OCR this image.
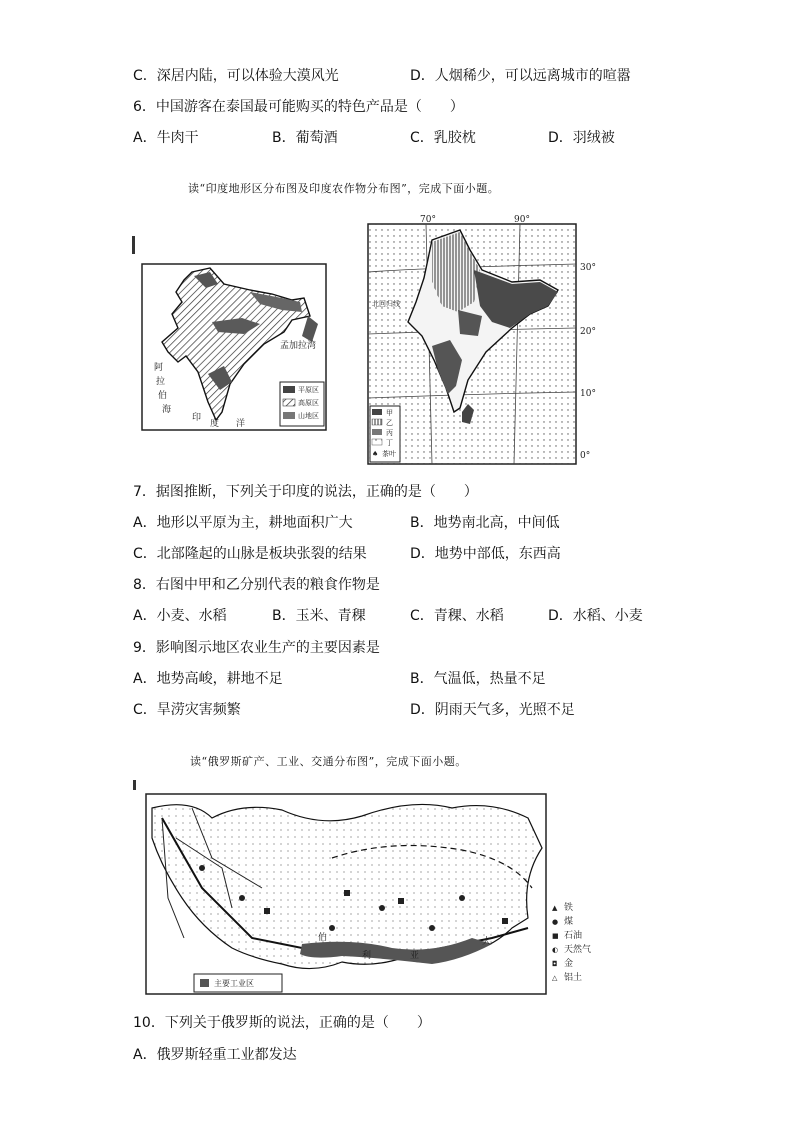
C．深居内陆，可以体验大漠风光	D．人烟稀少，可以远离城市的喧嚣
6．中国游客在泰国最可能购买的特色产品是（　　）
A．牛肉干	B．葡萄酒	C．乳胶枕	D．羽绒被
读“印度地形区分布图及印度农作物分布图”，完成下面小题。
孟加拉湾
阿
拉
伯
海
印
度 洋
平原区
高原区
山地区
70°	90°
30°
20°
10°
0°
北回归线
甲
乙
丙
丁
♠ 茶叶
7．据图推断，下列关于印度的说法，正确的是（　　）
A．地形以平原为主，耕地面积广大	B．地势南北高，中间低
C．北部隆起的山脉是板块张裂的结果	D．地势中部低，东西高
8．右图中甲和乙分别代表的粮食作物是
A．小麦、水稻	B．玉米、青稞	C．青稞、水稻	D．水稻、小麦
9．影响图示地区农业生产的主要因素是
A．地势高峻，耕地不足	B．气温低，热量不足
C．旱涝灾害频繁	D．阴雨天气多，光照不足
读“俄罗斯矿产、工业、交通分布图”，完成下面小题。
伯
利	亚
大
主要工业区
▲ 铁
● 煤
■ 石油
◐ 天然气
◘ 金
△ 铝土
10．下列关于俄罗斯的说法，正确的是（　　）
A．俄罗斯轻重工业都发达
